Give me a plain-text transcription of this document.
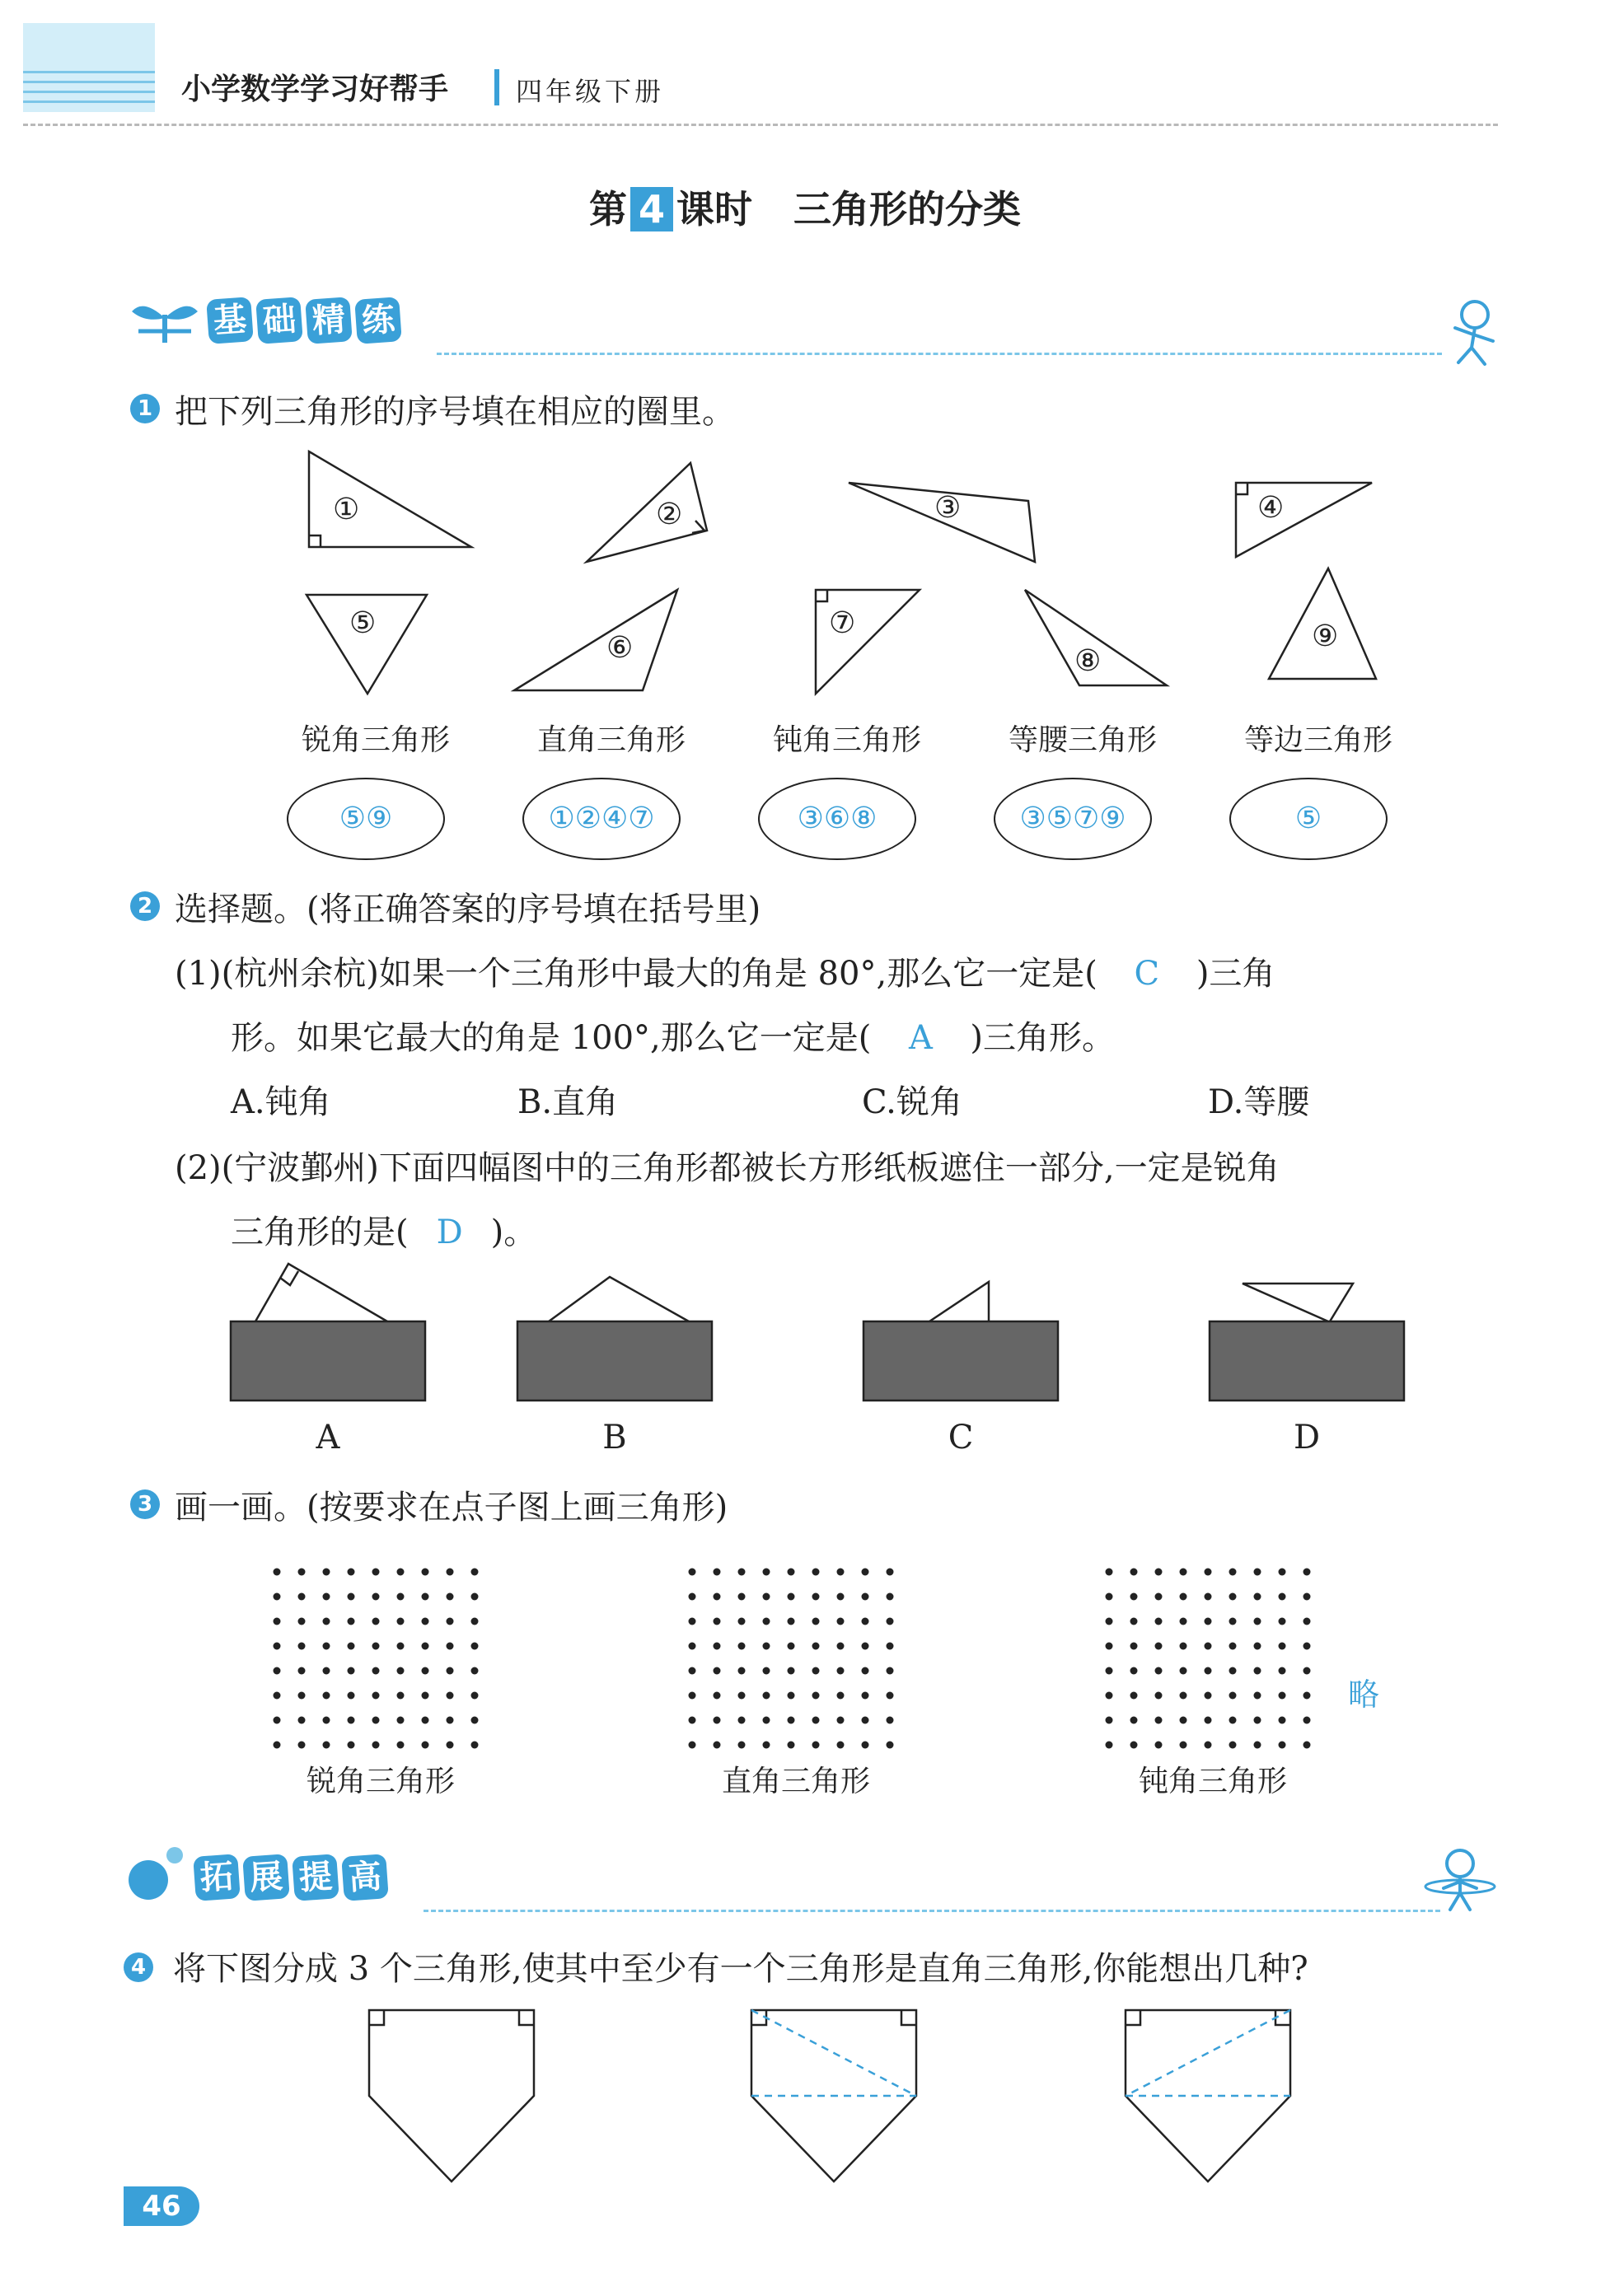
小学数学学习好帮手	四年级下册
第 4 课时 三角形的分类
基 础 精 练
1 把下列三角形的序号填在相应的圈里。
①	②	③	④
⑤
⑥
⑦
⑧
⑨
锐角三角形	直角三角形	钝角三角形	等腰三角形	等边三角形
⑤⑨	①②④⑦	③⑥⑧	③⑤⑦⑨	⑤
2 选择题。(将正确答案的序号填在括号里)
(1)(杭州余杭)如果一个三角形中最大的角是 80°,那么它一定是( C )三角
形。如果它最大的角是 100°,那么它一定是( A )三角形。
A.钝角	B.直角	C.锐角	D.等腰
(2)(宁波鄞州)下面四幅图中的三角形都被长方形纸板遮住一部分,一定是锐角
三角形的是( D )。
A	B	C	D
3 画一画。(按要求在点子图上画三角形)
锐角三角形	直角三角形	钝角三角形
略
拓 展 提 高
4 将下图分成 3 个三角形,使其中至少有一个三角形是直角三角形,你能想出几种?
46
